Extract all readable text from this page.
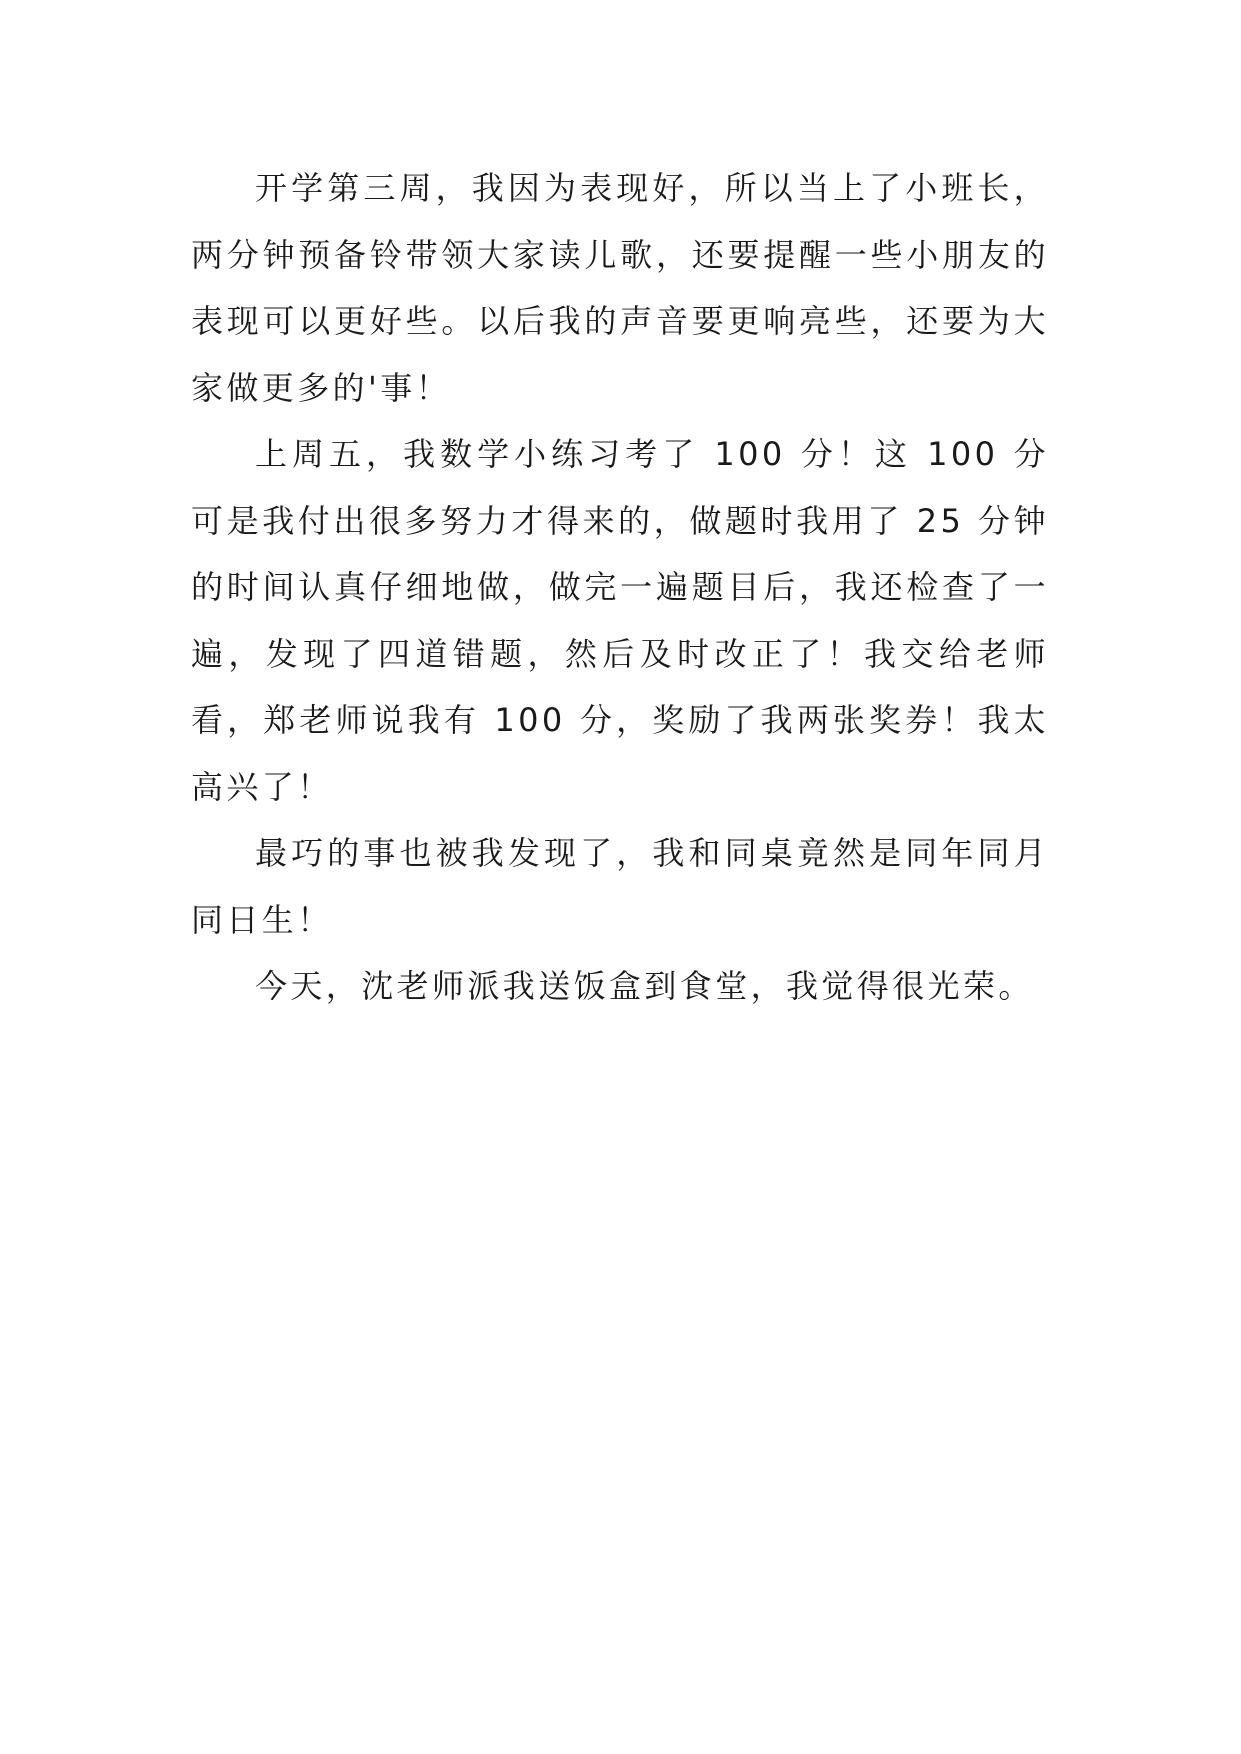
开学第三周，我因为表现好，所以当上了小班长，两分钟预备铃带领大家读儿歌，还要提醒一些小朋友的表现可以更好些。以后我的声音要更响亮些，还要为大家做更多的'事！

上周五，我数学小练习考了 100 分！这 100 分可是我付出很多努力才得来的，做题时我用了 25 分钟的时间认真仔细地做，做完一遍题目后，我还检查了一遍，发现了四道错题，然后及时改正了！我交给老师看，郑老师说我有 100 分，奖励了我两张奖券！我太高兴了！

最巧的事也被我发现了，我和同桌竟然是同年同月同日生！

今天，沈老师派我送饭盒到食堂，我觉得很光荣。
